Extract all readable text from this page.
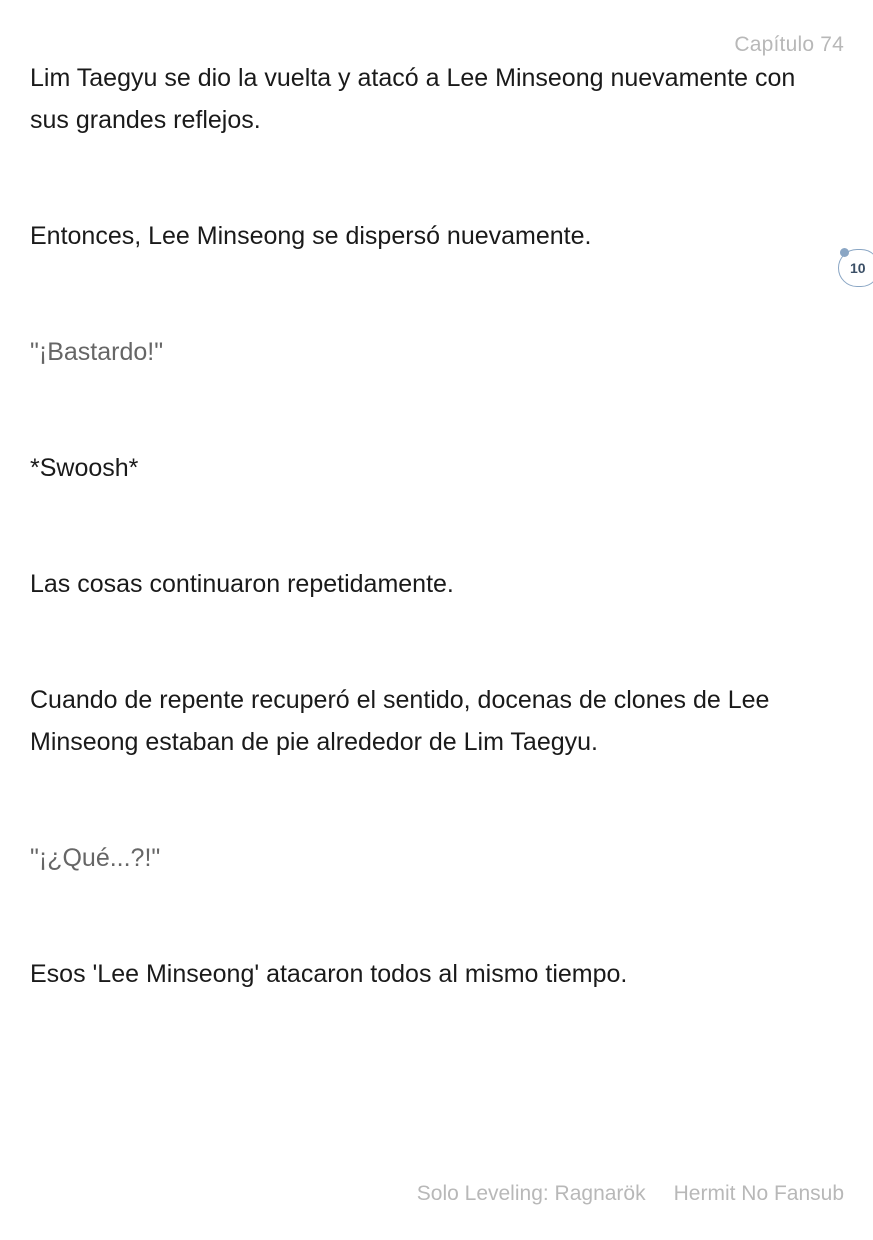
Capítulo 74

Lim Taegyu se dio la vuelta y atacó a Lee Minseong nuevamente con sus grandes reflejos.

Entonces, Lee Minseong se dispersó nuevamente.

"¡Bastardo!"

*Swoosh*

Las cosas continuaron repetidamente.

Cuando de repente recuperó el sentido, docenas de clones de Lee Minseong estaban de pie alrededor de Lim Taegyu.

"¡¿Qué...?!"

Esos 'Lee Minseong' atacaron todos al mismo tiempo.

10
Solo Leveling: Ragnarök Hermit No Fansub
